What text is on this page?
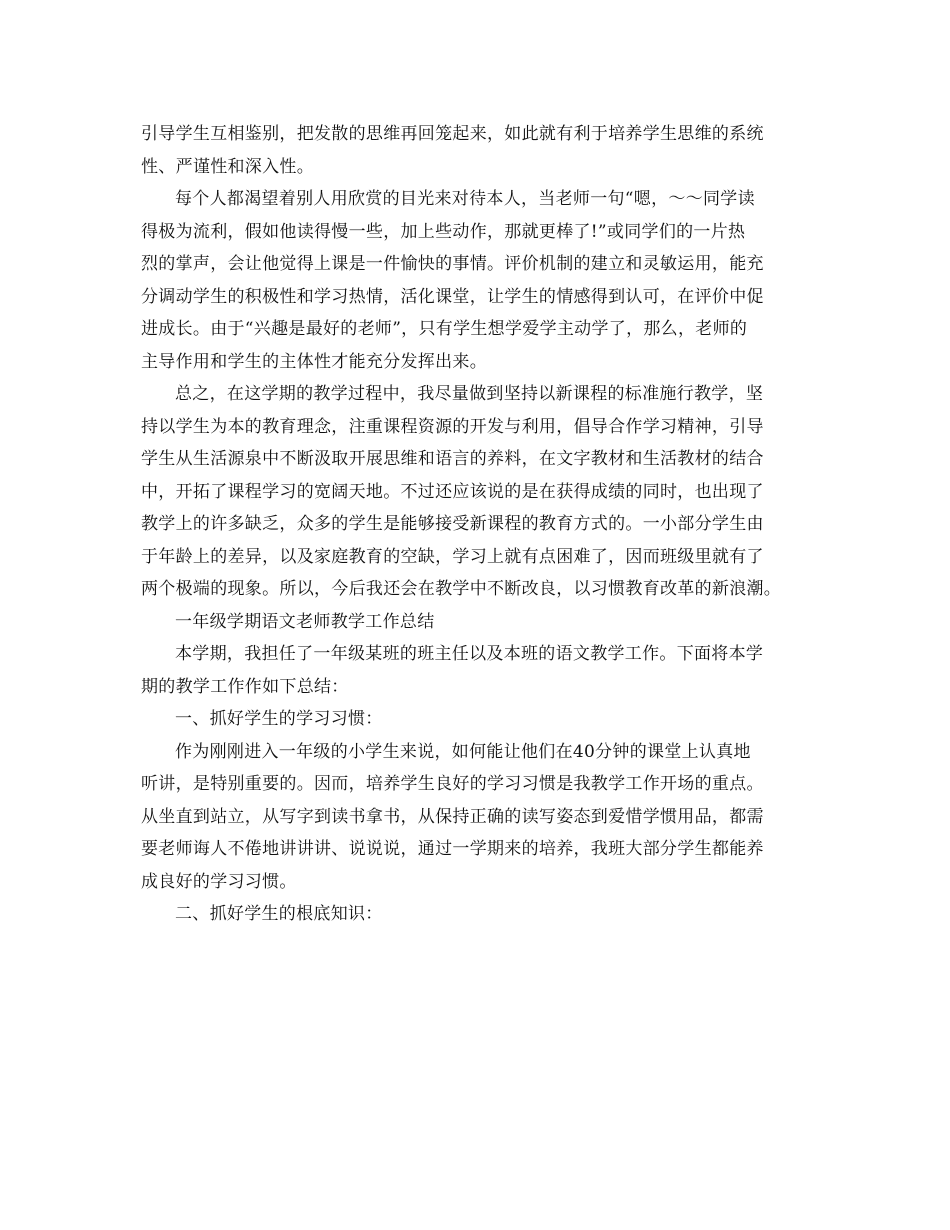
引导学生互相鉴别，把发散的思维再回笼起来，如此就有利于培养学生思维的系统
性、严谨性和深入性。
每个人都渴望着别人用欣赏的目光来对待本人，当老师一句“嗯，～～同学读
得极为流利，假如他读得慢一些，加上些动作，那就更棒了!”或同学们的一片热
烈的掌声，会让他觉得上课是一件愉快的事情。评价机制的建立和灵敏运用，能充
分调动学生的积极性和学习热情，活化课堂，让学生的情感得到认可，在评价中促
进成长。由于“兴趣是最好的老师”，只有学生想学爱学主动学了，那么，老师的
主导作用和学生的主体性才能充分发挥出来。
总之，在这学期的教学过程中，我尽量做到坚持以新课程的标准施行教学，坚
持以学生为本的教育理念，注重课程资源的开发与利用，倡导合作学习精神，引导
学生从生活源泉中不断汲取开展思维和语言的养料，在文字教材和生活教材的结合
中，开拓了课程学习的宽阔天地。不过还应该说的是在获得成绩的同时，也出现了
教学上的许多缺乏，众多的学生是能够接受新课程的教育方式的。一小部分学生由
于年龄上的差异，以及家庭教育的空缺，学习上就有点困难了，因而班级里就有了
两个极端的现象。所以，今后我还会在教学中不断改良，以习惯教育改革的新浪潮。
一年级学期语文老师教学工作总结
本学期，我担任了一年级某班的班主任以及本班的语文教学工作。下面将本学
期的教学工作作如下总结：
一、抓好学生的学习习惯：
作为刚刚进入一年级的小学生来说，如何能让他们在40分钟的课堂上认真地
听讲，是特别重要的。因而，培养学生良好的学习习惯是我教学工作开场的重点。
从坐直到站立，从写字到读书拿书，从保持正确的读写姿态到爱惜学惯用品，都需
要老师诲人不倦地讲讲讲、说说说，通过一学期来的培养，我班大部分学生都能养
成良好的学习习惯。
二、抓好学生的根底知识：
